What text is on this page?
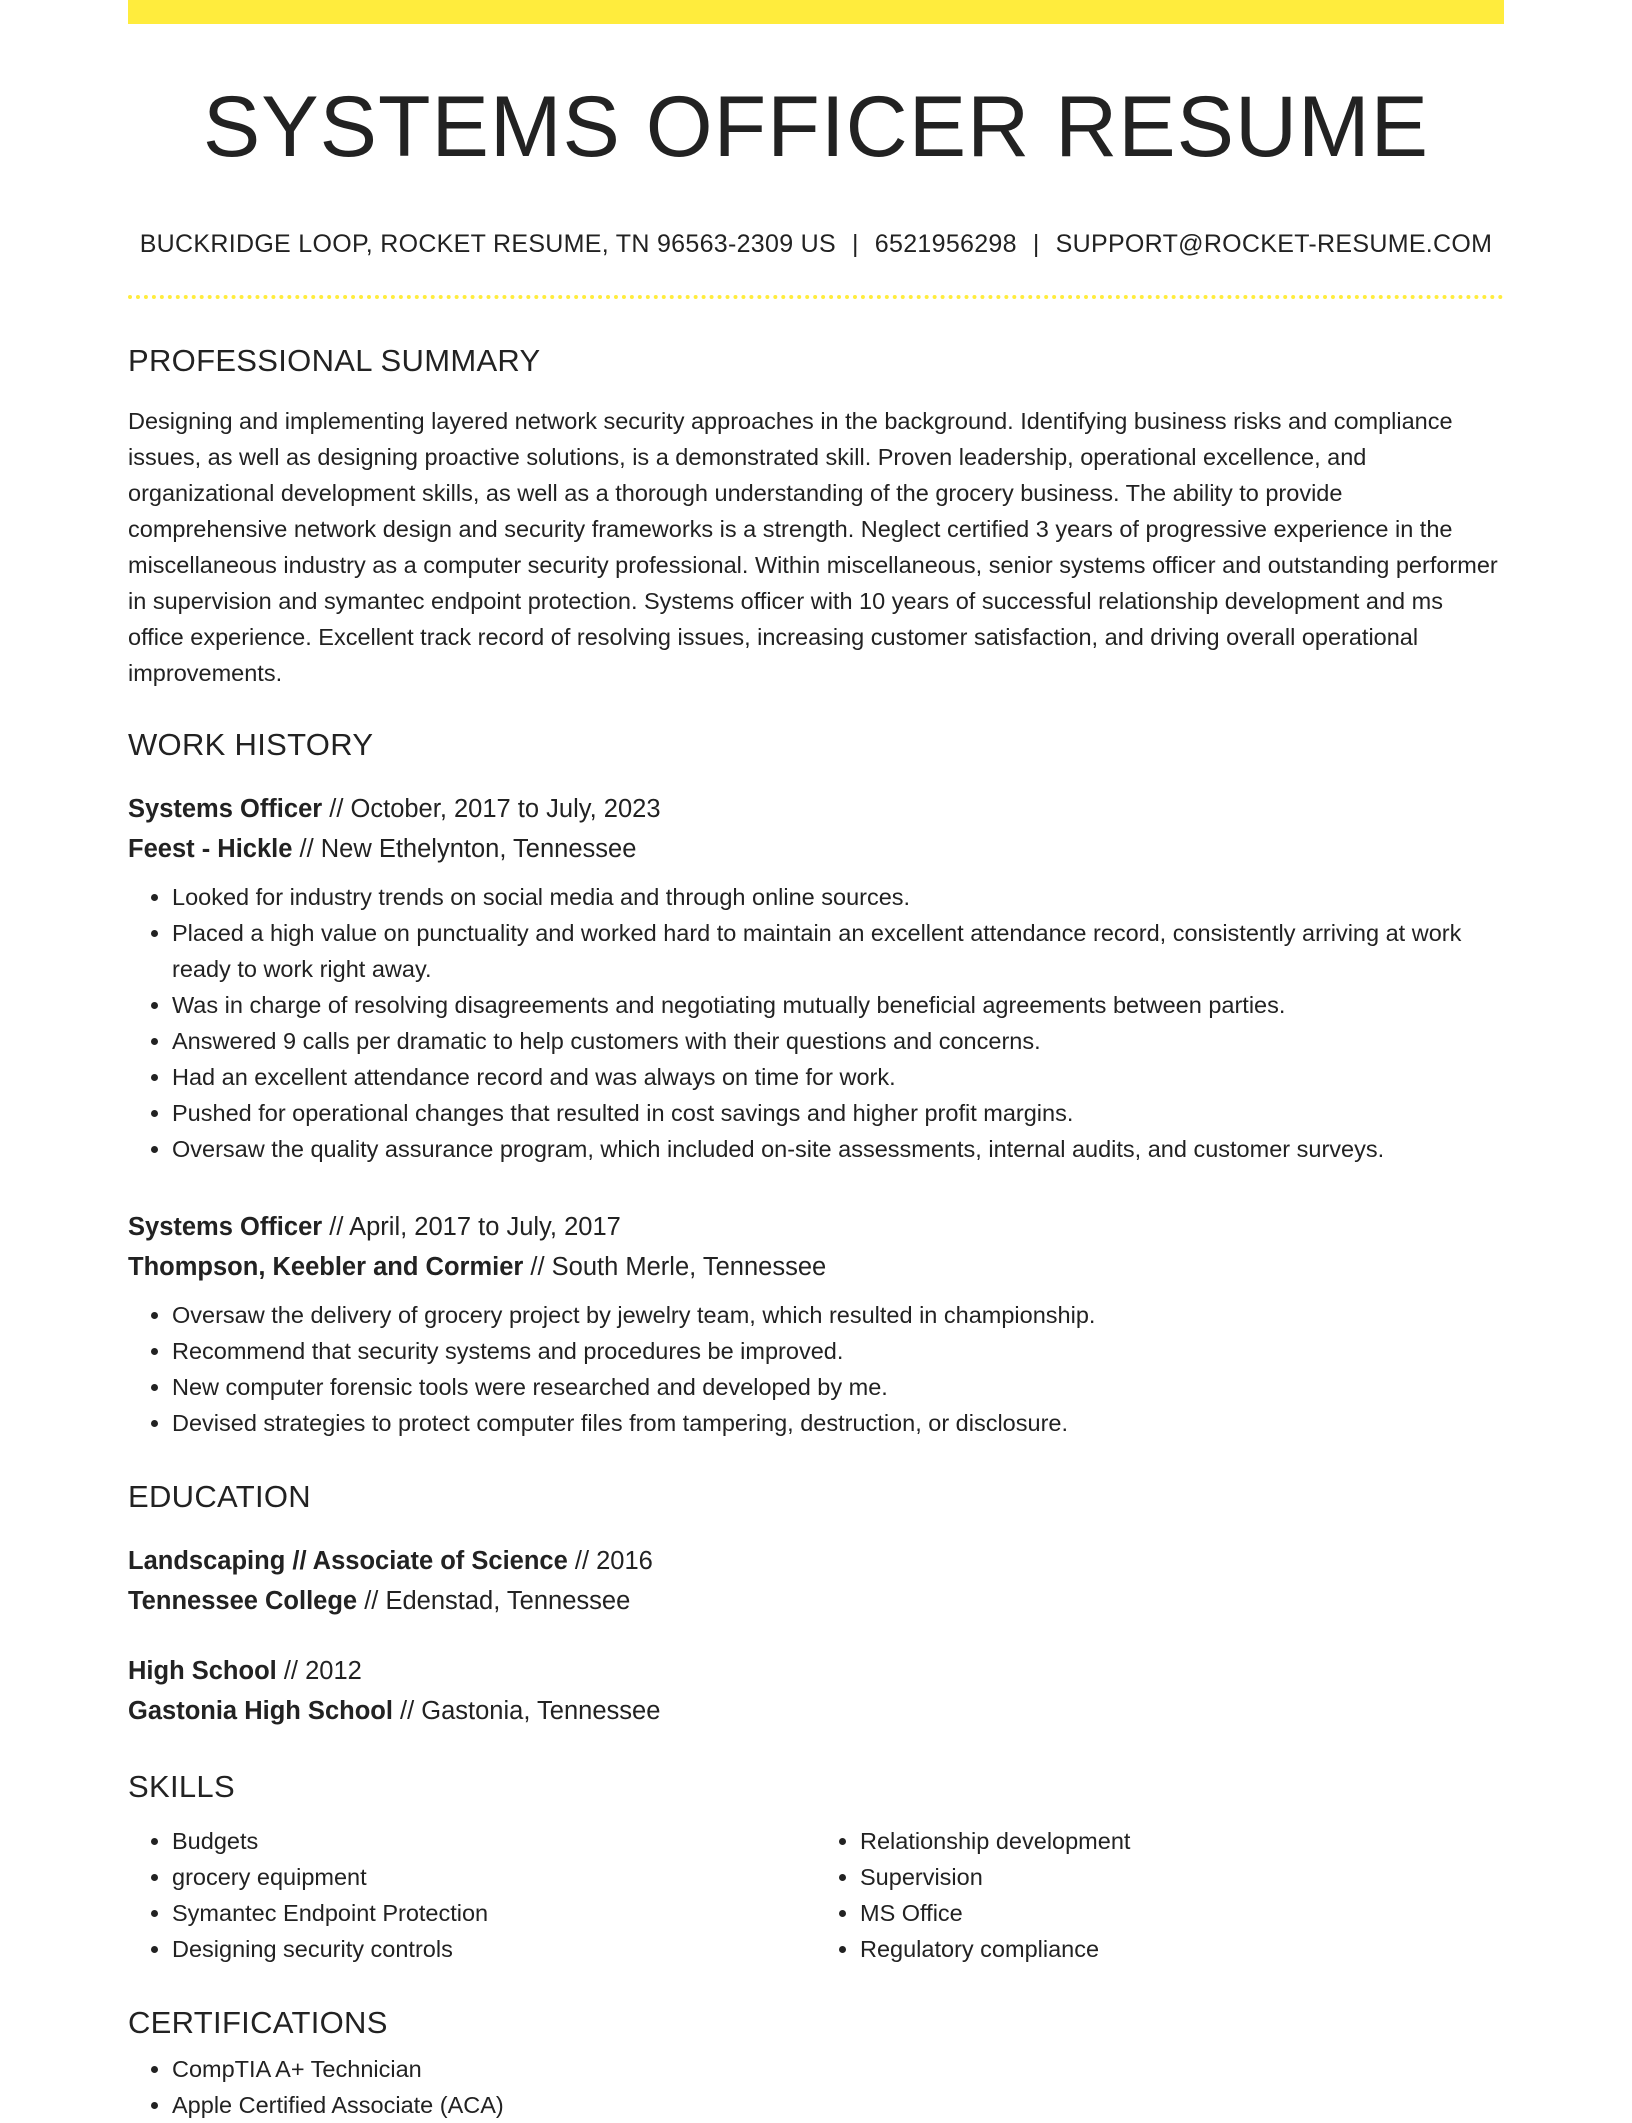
SYSTEMS OFFICER RESUME
BUCKRIDGE LOOP, ROCKET RESUME, TN 96563-2309 US | 6521956298 | SUPPORT@ROCKET-RESUME.COM
PROFESSIONAL SUMMARY

Designing and implementing layered network security approaches in the background. Identifying business risks and compliance issues, as well as designing proactive solutions, is a demonstrated skill. Proven leadership, operational excellence, and organizational development skills, as well as a thorough understanding of the grocery business. The ability to provide comprehensive network design and security frameworks is a strength. Neglect certified 3 years of progressive experience in the miscellaneous industry as a computer security professional. Within miscellaneous, senior systems officer and outstanding performer in supervision and symantec endpoint protection. Systems officer with 10 years of successful relationship development and ms office experience. Excellent track record of resolving issues, increasing customer satisfaction, and driving overall operational improvements.

WORK HISTORY
Systems Officer // October, 2017 to July, 2023
Feest - Hickle // New Ethelynton, Tennessee
• Looked for industry trends on social media and through online sources.
• Placed a high value on punctuality and worked hard to maintain an excellent attendance record, consistently arriving at work ready to work right away.
• Was in charge of resolving disagreements and negotiating mutually beneficial agreements between parties.
• Answered 9 calls per dramatic to help customers with their questions and concerns.
• Had an excellent attendance record and was always on time for work.
• Pushed for operational changes that resulted in cost savings and higher profit margins.
• Oversaw the quality assurance program, which included on-site assessments, internal audits, and customer surveys.
Systems Officer // April, 2017 to July, 2017
Thompson, Keebler and Cormier // South Merle, Tennessee
• Oversaw the delivery of grocery project by jewelry team, which resulted in championship.
• Recommend that security systems and procedures be improved.
• New computer forensic tools were researched and developed by me.
• Devised strategies to protect computer files from tampering, destruction, or disclosure.
EDUCATION
Landscaping // Associate of Science // 2016
Tennessee College // Edenstad, Tennessee
High School // 2012
Gastonia High School // Gastonia, Tennessee
SKILLS
• Budgets
• grocery equipment
• Symantec Endpoint Protection
• Designing security controls
• Relationship development
• Supervision
• MS Office
• Regulatory compliance
CERTIFICATIONS
• CompTIA A+ Technician
• Apple Certified Associate (ACA)
